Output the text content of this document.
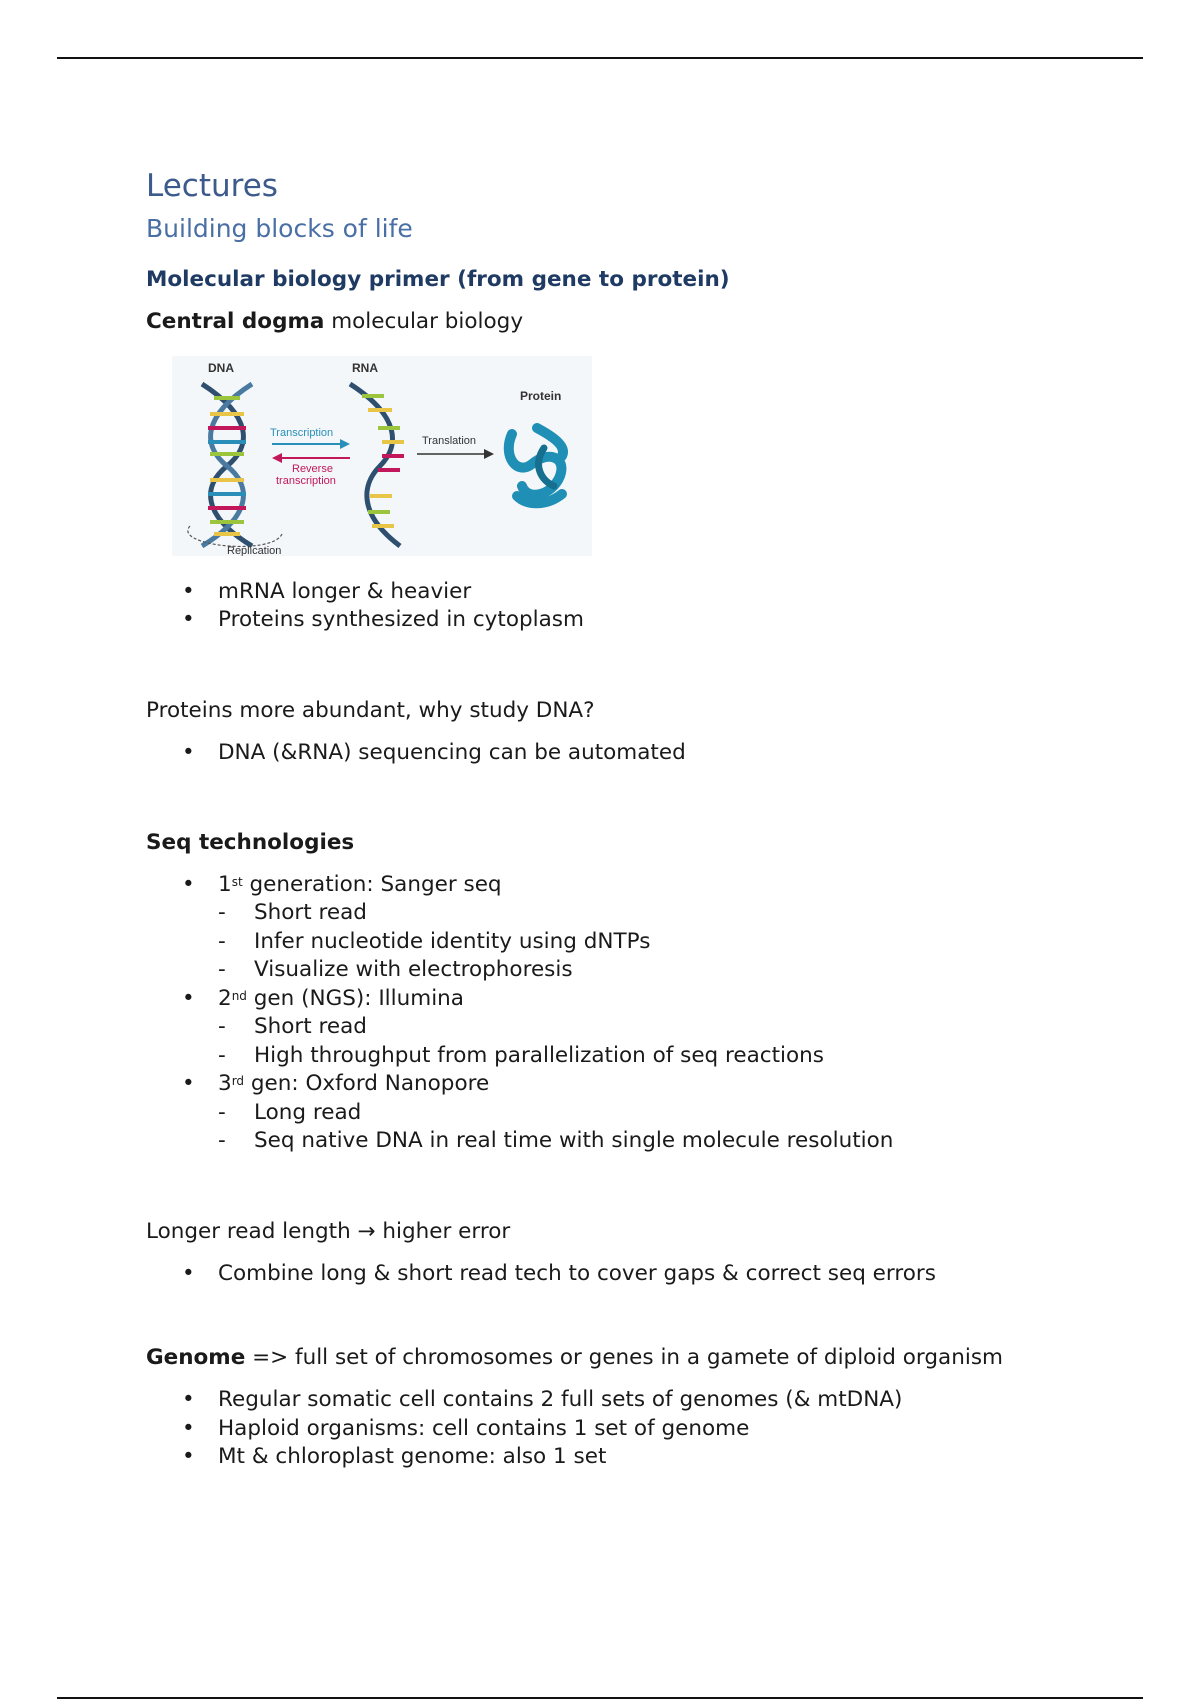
Lectures
Building blocks of life
Molecular biology primer (from gene to protein)
Central dogma molecular biology
DNA
Replication
Transcription
Reverse
transcription
RNA
Translation
Protein
• mRNA longer & heavier
• Proteins synthesized in cytoplasm
Proteins more abundant, why study DNA?
• DNA (&RNA) sequencing can be automated
Seq technologies
• 1st generation: Sanger seq
- Short read
- Infer nucleotide identity using dNTPs
- Visualize with electrophoresis
• 2nd gen (NGS): Illumina
- Short read
- High throughput from parallelization of seq reactions
• 3rd gen: Oxford Nanopore
- Long read
- Seq native DNA in real time with single molecule resolution
Longer read length → higher error
• Combine long & short read tech to cover gaps & correct seq errors
Genome => full set of chromosomes or genes in a gamete of diploid organism
• Regular somatic cell contains 2 full sets of genomes (& mtDNA)
• Haploid organisms: cell contains 1 set of genome
• Mt & chloroplast genome: also 1 set
